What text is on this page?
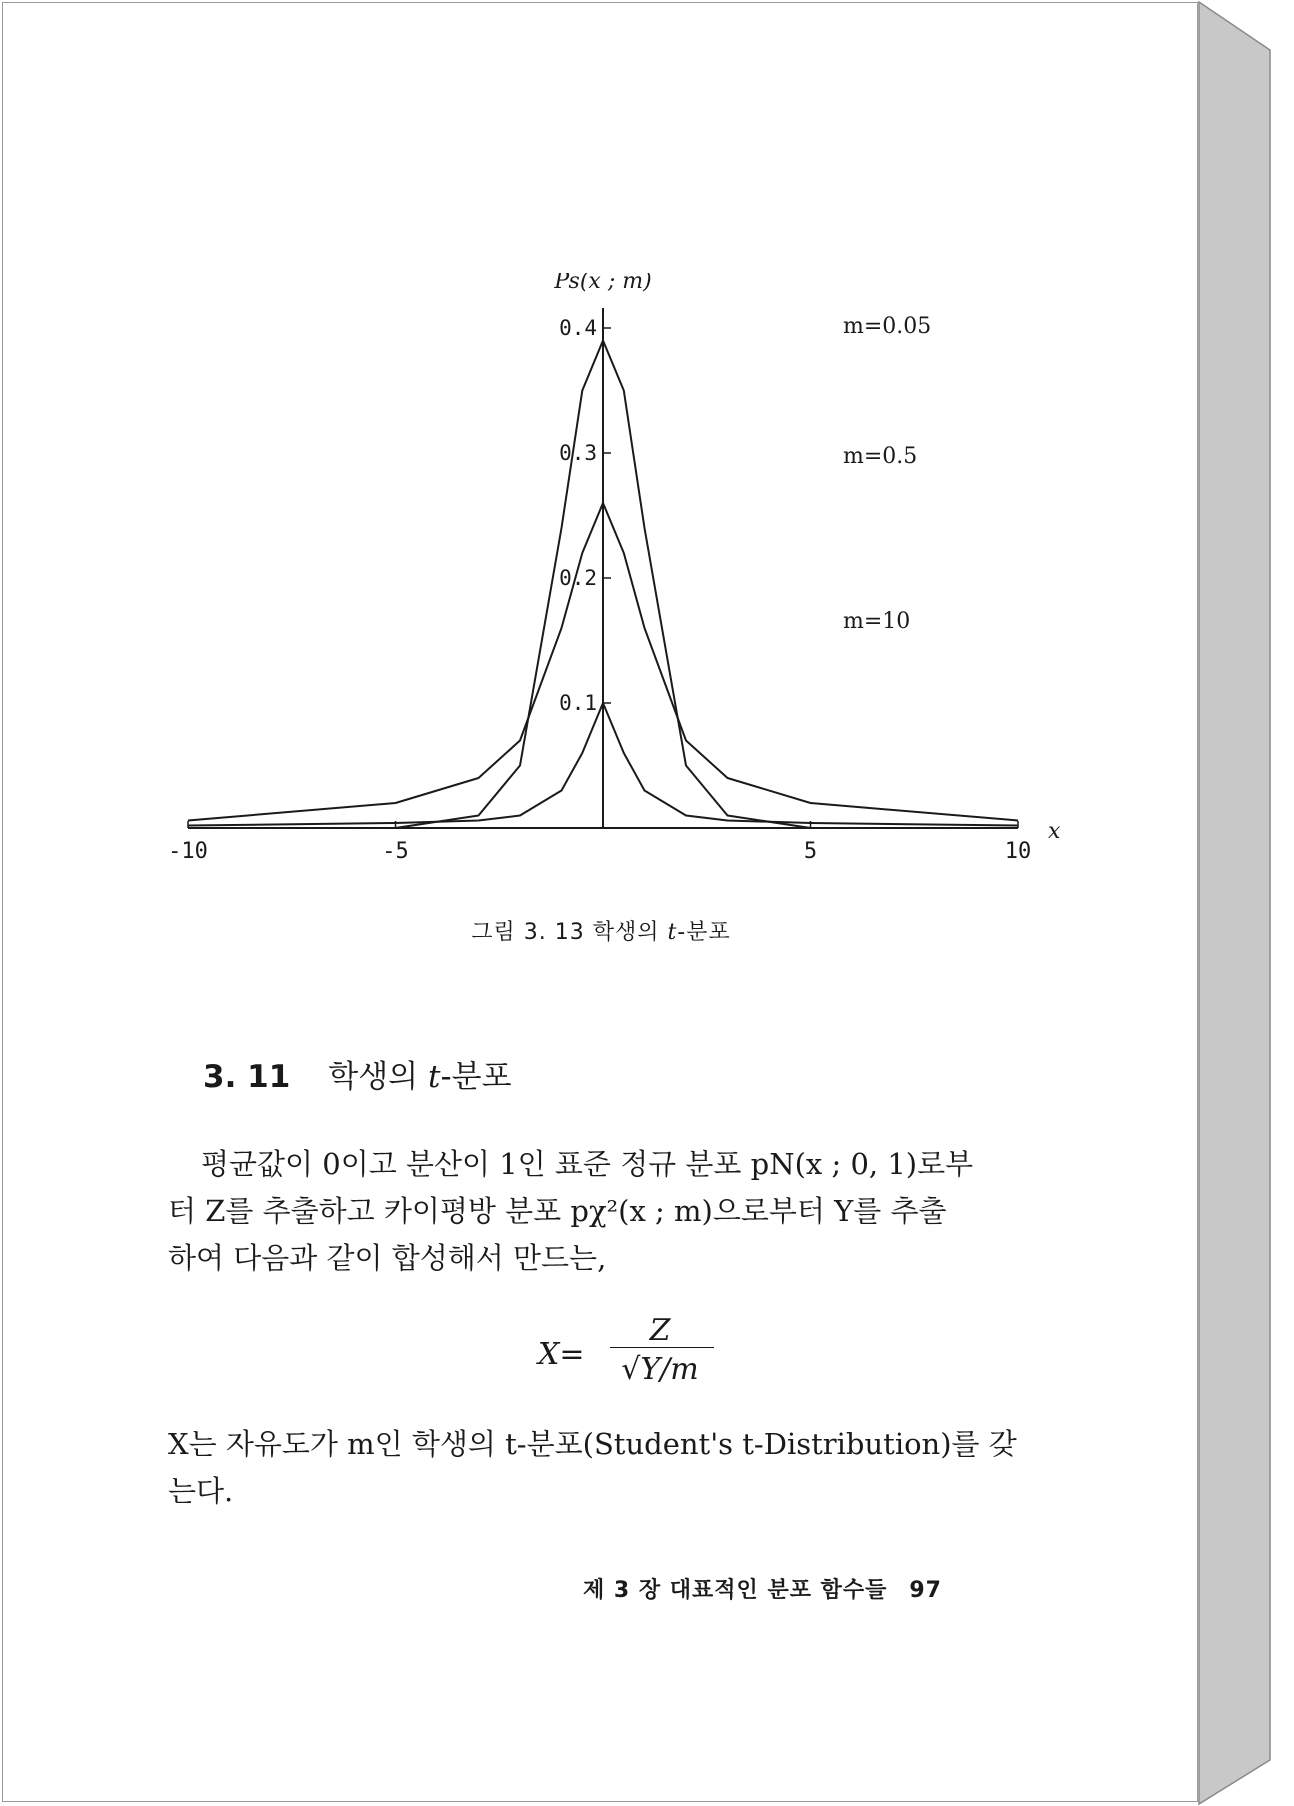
0.1
0.2
0.3
0.4
-10	-5	5	10
x
Ps(x ; m)
m=0.05
m=0.5
m=10
그림 3. 13 학생의 t-분포
3. 11 학생의 t-분포
평균값이 0이고 분산이 1인 표준 정규 분포 pN(x ; 0, 1)로부
터 Z를 추출하고 카이평방 분포 pχ²(x ; m)으로부터 Y를 추출
하여 다음과 같이 합성해서 만드는,
X=
Z
√Y/m
X는 자유도가 m인 학생의 t-분포(Student's t-Distribution)를 갖
는다.
제 3 장 대표적인 분포 함수들 97
